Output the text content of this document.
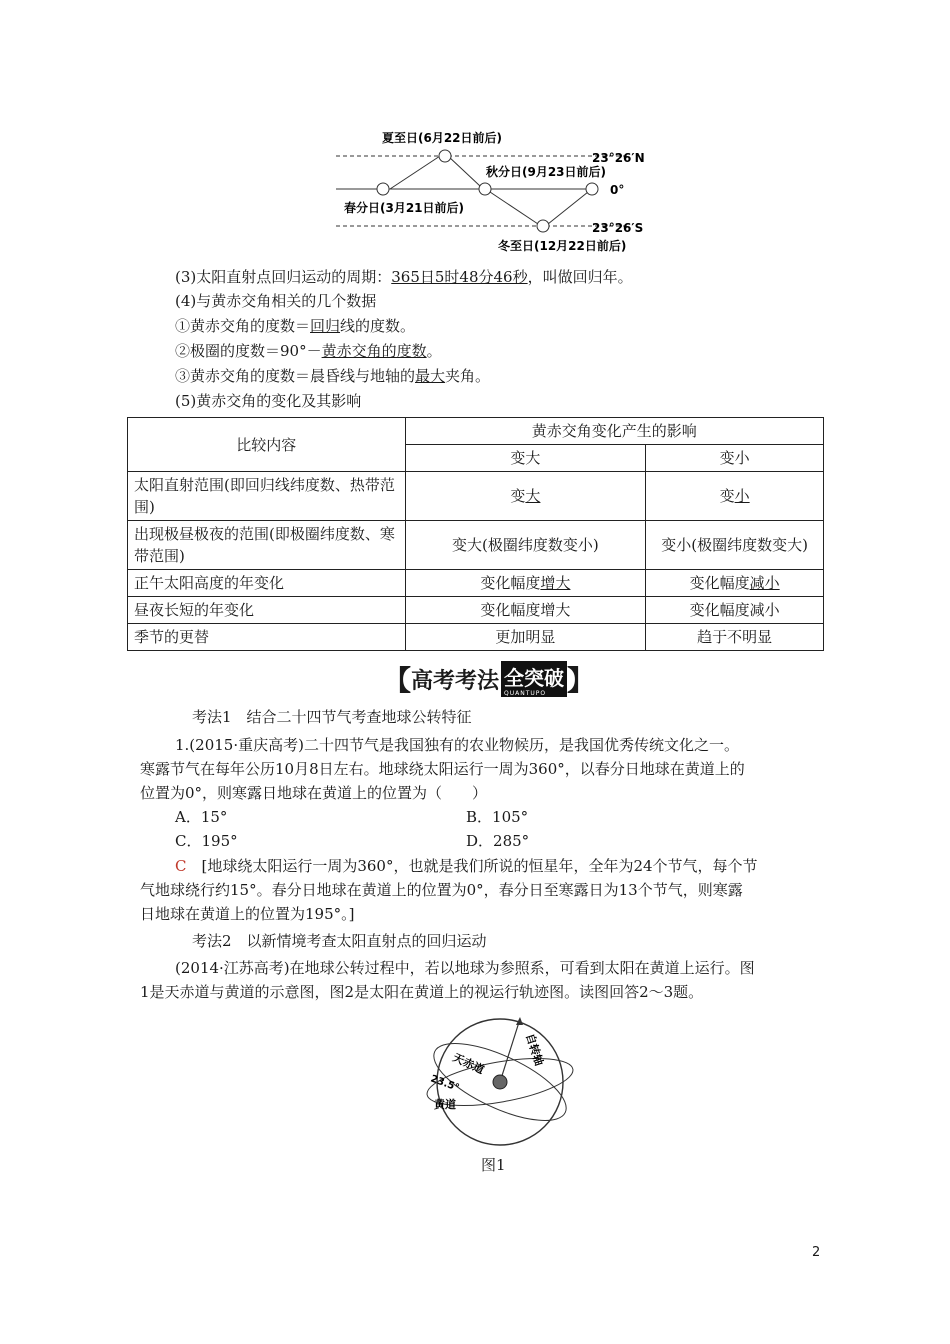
夏至日(6月22日前后)
23°26′N
秋分日(9月23日前后)
0°
春分日(3月21日前后)
23°26′S
冬至日(12月22日前后)
(3)太阳直射点回归运动的周期：365日5时48分46秒，叫做回归年。
(4)与黄赤交角相关的几个数据
①黄赤交角的度数＝回归线的度数。
②极圈的度数＝90°－黄赤交角的度数。
③黄赤交角的度数＝晨昏线与地轴的最大夹角。
(5)黄赤交角的变化及其影响
比较内容	黄赤交角变化产生的影响	
	变大	变小
太阳直射范围(即回归线纬度数、热带范围)	变大	变小
出现极昼极夜的范围(即极圈纬度数、寒带范围)	变大(极圈纬度数变小)	变小(极圈纬度数变大)
正午太阳高度的年变化	变化幅度增大	变化幅度减小
昼夜长短的年变化	变化幅度增大	变化幅度减小
季节的更替	更加明显	趋于不明显
【 高考考法 全突破
QUANTUPO 】
考法1　结合二十四节气考查地球公转特征
1.(2015·重庆高考)二十四节气是我国独有的农业物候历，是我国优秀传统文化之一。
寒露节气在每年公历10月8日左右。地球绕太阳运行一周为360°，以春分日地球在黄道上的
位置为0°，则寒露日地球在黄道上的位置为（　　）
A．15°	B．105°
C．195°	D．285°
C　[地球绕太阳运行一周为360°，也就是我们所说的恒星年，全年为24个节气，每个节
气地球绕行约15°。春分日地球在黄道上的位置为0°，春分日至寒露日为13个节气，则寒露
日地球在黄道上的位置为195°。]
考法2　以新情境考查太阳直射点的回归运动
(2014·江苏高考)在地球公转过程中，若以地球为参照系，可看到太阳在黄道上运行。图
1是天赤道与黄道的示意图，图2是太阳在黄道上的视运行轨迹图。读图回答2～3题。
自转轴
天赤道
23.5°
黄道
图1
2
